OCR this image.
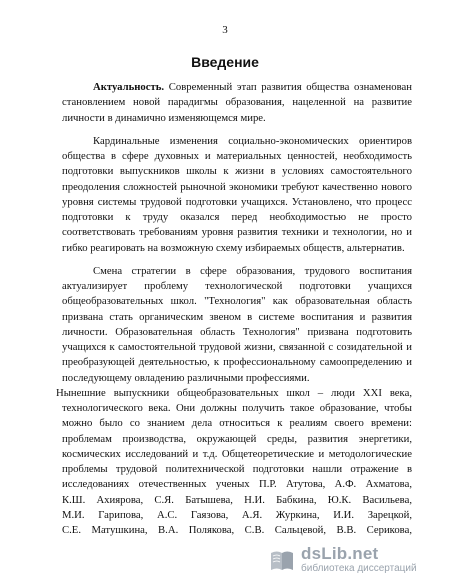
3
Введение
Актуальность. Современный этап развития общества ознаменован
становлением новой парадигмы образования, нацеленной на развитие
личности в динамично изменяющемся мире.
Кардинальные изменения социально-экономических ориентиров
общества в сфере духовных и материальных ценностей, необходимость
подготовки выпускников школы к жизни в условиях самостоятельного
преодоления сложностей рыночной экономики требуют качественно нового
уровня системы трудовой подготовки учащихся. Установлено, что процесс
подготовки к труду оказался перед необходимостью не просто
соответствовать требованиям уровня развития техники и технологии, но и
гибко реагировать на возможную схему избираемых обществ, альтернатив.
Смена стратегии в сфере образования, трудового воспитания
актуализирует проблему технологической подготовки учащихся
общеобразовательных школ. "Технология" как образовательная область
призвана стать органическим звеном в системе воспитания и развития
личности. Образовательная область Технология" призвана подготовить
учащихся к самостоятельной трудовой жизни, связанной с созидательной и
преобразующей деятельностью, к профессиональному самоопределению и
последующему овладению различными профессиями.
Нынешние выпускники общеобразовательных школ – люди XXI века,
технологического века. Они должны получить такое образование, чтобы
можно было со знанием дела относиться к реалиям своего времени:
проблемам производства, окружающей среды, развития энергетики,
космических исследований и т.д. Общетеоретические и методологические
проблемы трудовой политехнической подготовки нашли отражение в
исследованиях отечественных ученых П.Р. Атутова, А.Ф. Ахматова,
К.Ш. Ахиярова, С.Я. Батышева, Н.И. Бабкина, Ю.К. Васильева,
М.И. Гарипова, А.С. Гаязова, А.Я. Журкина, И.И. Зарецкой,
С.Е. Матушкина, В.А. Полякова, С.В. Сальцевой, В.В. Серикова,
dsLib.net
библиотека диссертаций
